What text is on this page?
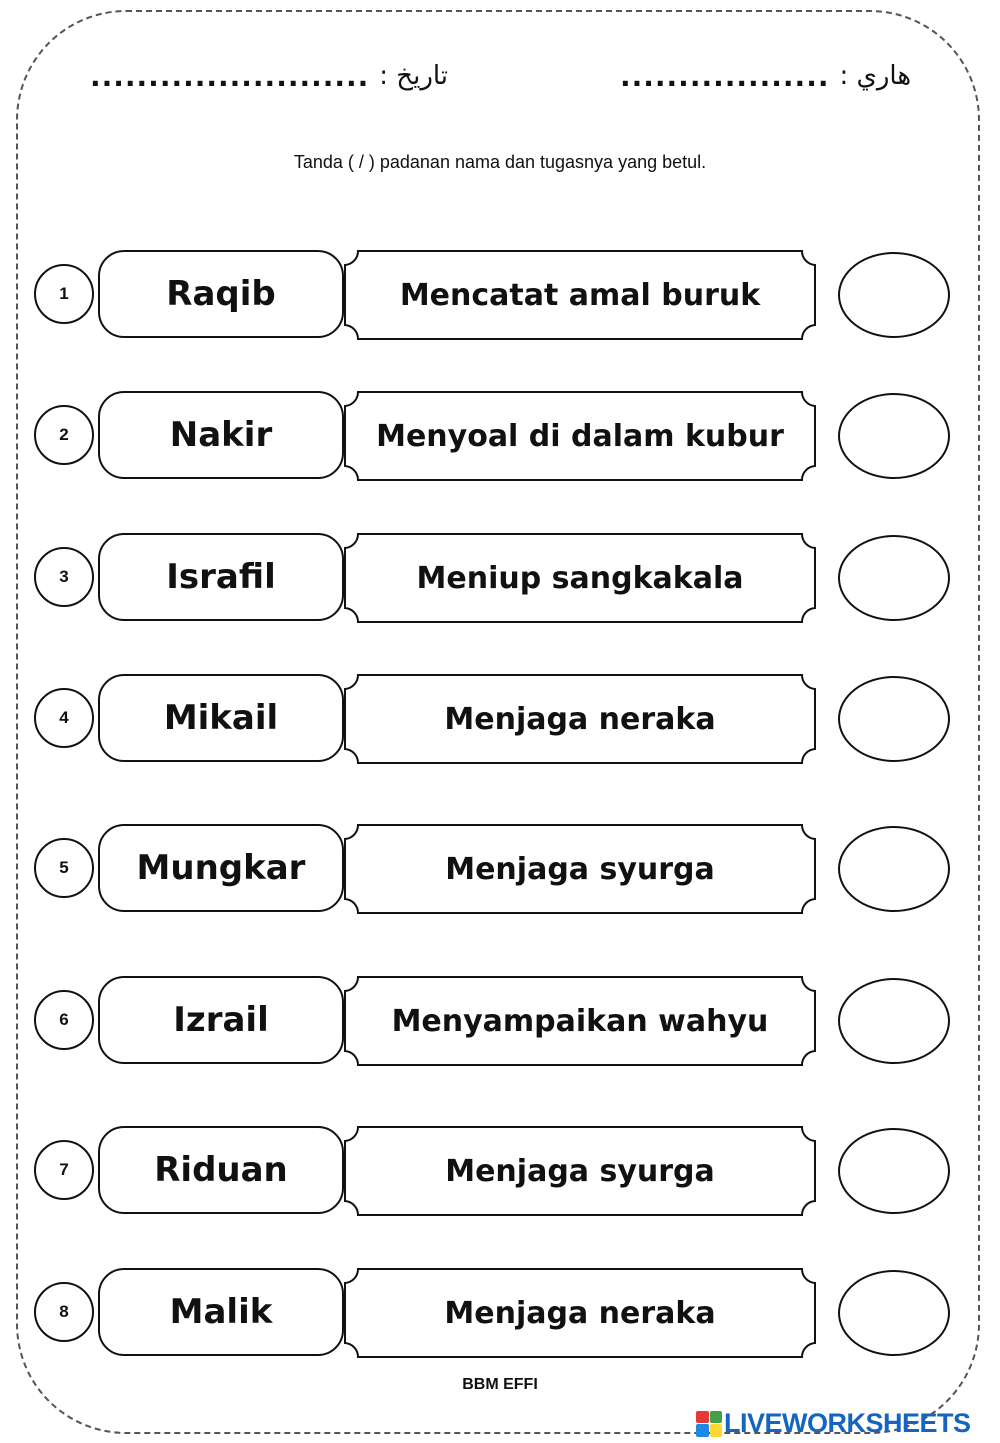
........................ تاريخ :	.................. هاري :
Tanda ( / ) padanan nama dan tugasnya yang betul.
1	Raqib	Mencatat amal buruk
2	Nakir	Menyoal di dalam kubur
3	Israfil	Meniup sangkakala
4	Mikail	Menjaga neraka
5	Mungkar	Menjaga syurga
6	Izrail	Menyampaikan wahyu
7	Riduan	Menjaga syurga
8	Malik	Menjaga neraka
BBM EFFI
LIVEWORKSHEETS
